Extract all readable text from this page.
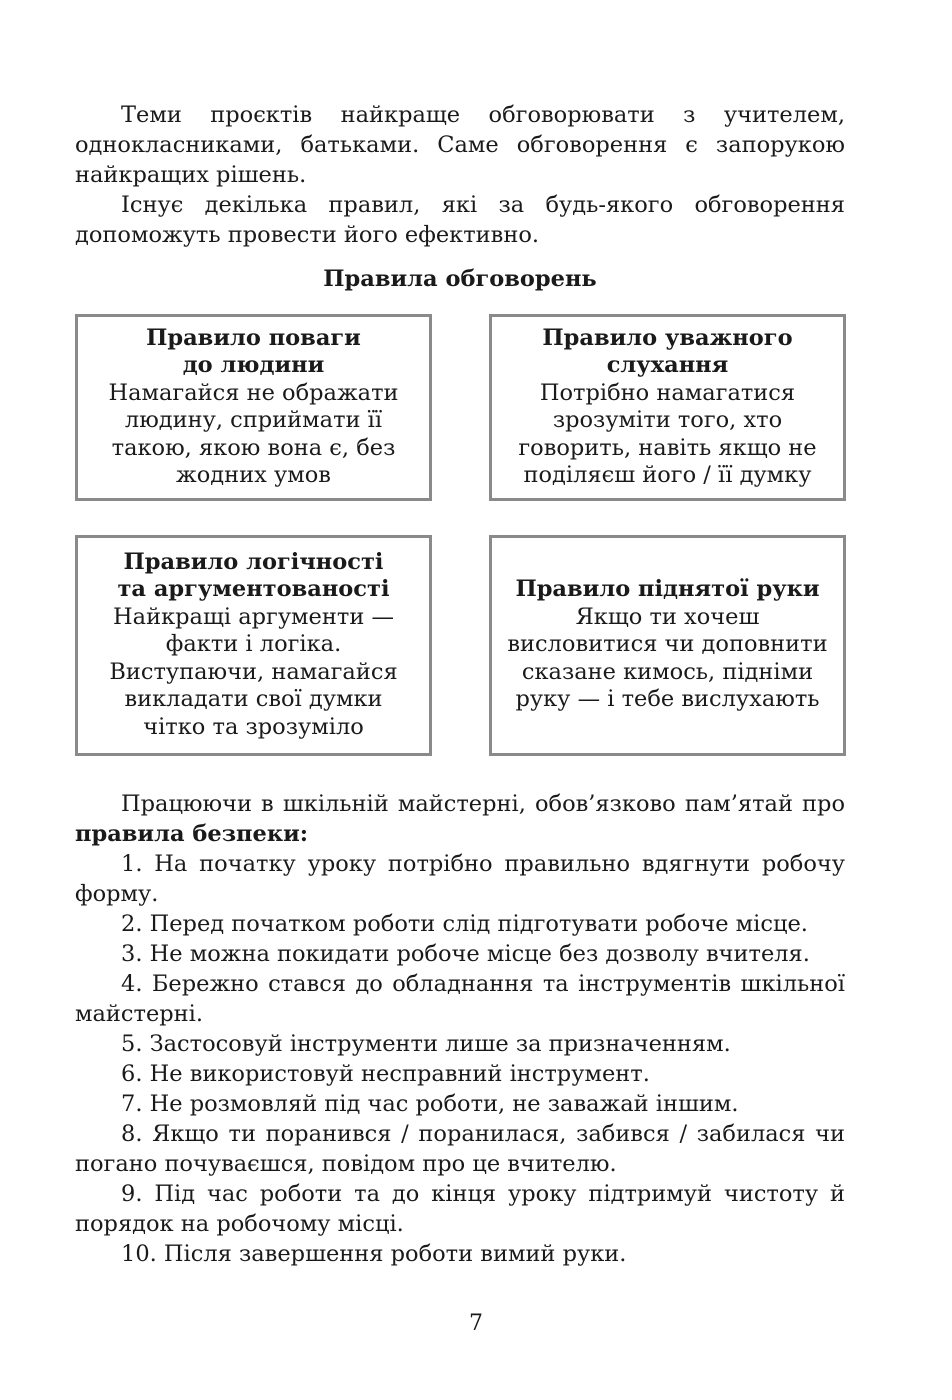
Теми проєктів найкраще обговорювати з учителем, однокласниками, батьками. Саме обговорення є запорукою найкращих рішень.

Існує декілька правил, які за будь-якого обговорення допоможуть провести його ефективно.

Правила обговорень
Правило поваги
до людини
Намагайся не ображати
людину, сприймати її
такою, якою вона є, без
жодних умов
Правило уважного
слухання
Потрібно намагатися
зрозуміти того, хто
говорить, навіть якщо не
поділяєш його / її думку
Правило логічності
та аргументованості
Найкращі аргументи —
факти і логіка.
Виступаючи, намагайся
викладати свої думки
чітко та зрозуміло
Правило піднятої руки
Якщо ти хочеш
висловитися чи доповнити
сказане кимось, підніми
руку — і тебе вислухають

Працюючи в шкільній майстерні, обов’язково пам’ятай про правила безпеки:

1. На початку уроку потрібно правильно вдягнути робочу форму.
2. Перед початком роботи слід підготувати робоче місце.
3. Не можна покидати робоче місце без дозволу вчителя.
4. Бережно стався до обладнання та інструментів шкільної майстерні.
5. Застосовуй інструменти лише за призначенням.
6. Не використовуй несправний інструмент.
7. Не розмовляй під час роботи, не заважай іншим.
8. Якщо ти поранився / поранилася, забився / забилася чи погано почуваєшся, повідом про це вчителю.
9. Під час роботи та до кінця уроку підтримуй чистоту й порядок на робочому місці.
10. Після завершення роботи вимий руки.
7
